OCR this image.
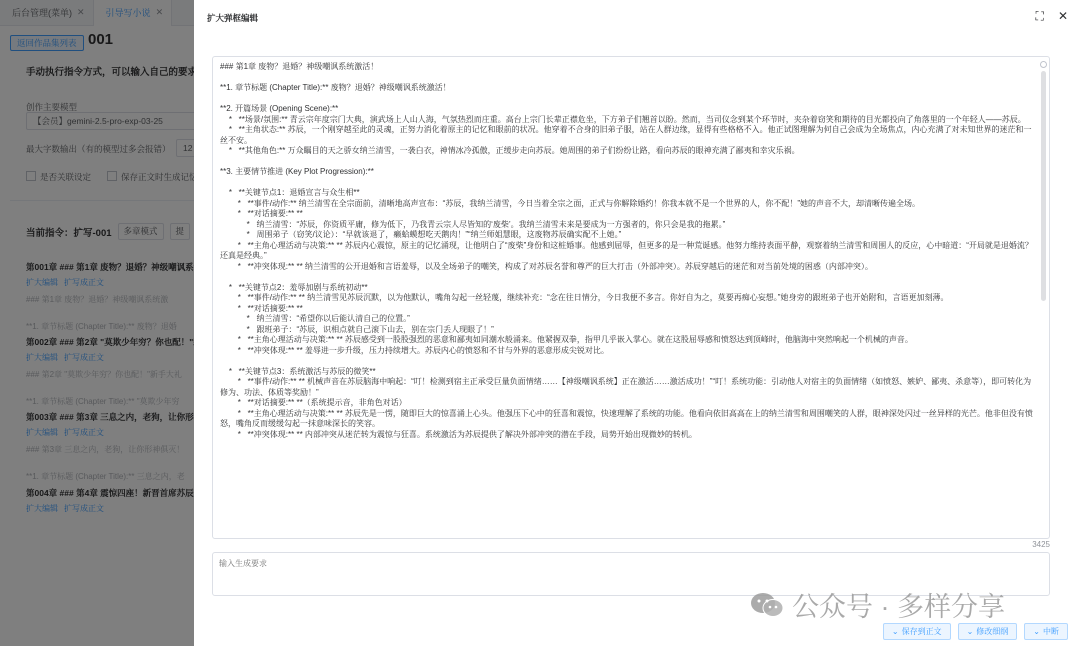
扩大弹框编辑	⛶ ✕
### 第1章 废物？退婚？神级嘲讽系统激活！
**1. 章节标题 (Chapter Title):** 废物？退婚？神级嘲讽系统激活！
**2. 开篇场景 (Opening Scene):**
*   **场景/氛围:** 青云宗年度宗门大典，演武场上人山人海，气氛热烈而庄重。高台上宗门长辈正襟危坐，下方弟子们翘首以盼。然而，当司仪念到某个环节时，夹杂着窃笑和期待的目光都投向了角落里的一个年轻人——苏辰。
*   **主角状态:** 苏辰，一个刚穿越至此的灵魂，正努力消化着原主的记忆和眼前的状况。他穿着不合身的旧弟子服，站在人群边缘，显得有些格格不入。他正试图理解为何自己会成为全场焦点，内心充满了对未知世界的迷茫和一丝不安。
*   **其他角色:** 万众瞩目的天之骄女纳兰清雪，一袭白衣，神情冰冷孤傲，正缓步走向苏辰。她周围的弟子们纷纷让路，看向苏辰的眼神充满了鄙夷和幸灾乐祸。
**3. 主要情节推进 (Key Plot Progression):**
*   **关键节点1：退婚宣言与众生相**
*   **事件/动作:** 纳兰清雪在全宗面前，清晰地高声宣布：“苏辰，我纳兰清雪，今日当着全宗之面，正式与你解除婚约！你我本就不是一个世界的人，你不配！”她的声音不大，却清晰传遍全场。
*   **对话摘要:** **
*   纳兰清雪：“苏辰，你资质平庸，修为低下，乃我青云宗人尽皆知的‘废柴’。我纳兰清雪未来是要成为一方强者的，你只会是我的拖累。”
*   周围弟子（窃笑/议论）：“早就该退了，癞蛤蟆想吃天鹅肉！”“纳兰师姐慧眼，这废物苏辰确实配不上她。”
*   **主角心理活动与决策:** ** 苏辰内心震惊，原主的记忆涌现，让他明白了“废柴”身份和这桩婚事。他感到屈辱，但更多的是一种荒诞感。他努力维持表面平静，观察着纳兰清雪和周围人的反应，心中暗道：“开局就是退婚流？还真是经典。”
*   **冲突体现:** ** 纳兰清雪的公开退婚和言语羞辱，以及全场弟子的嘲笑，构成了对苏辰名誉和尊严的巨大打击（外部冲突）。苏辰穿越后的迷茫和对当前处境的困惑（内部冲突）。
*   **关键节点2：羞辱加剧与系统初动**
*   **事件/动作:** ** 纳兰清雪见苏辰沉默，以为他默认，嘴角勾起一丝轻蔑，继续补充：“念在往日情分，今日我便不多言。你好自为之，莫要再痴心妄想。”她身旁的跟班弟子也开始附和，言语更加刻薄。
*   **对话摘要:** **
*   纳兰清雪：“希望你以后能认清自己的位置。”
*   跟班弟子：“苏辰，识相点就自己滚下山去，别在宗门丢人现眼了！”
*   **主角心理活动与决策:** ** 苏辰感受到一股股强烈的恶意和鄙夷如同潮水般涌来。他紧握双拳，指甲几乎嵌入掌心。就在这股屈辱感和愤怒达到顶峰时，他脑海中突然响起一个机械的声音。
*   **冲突体现:** ** 羞辱进一步升级，压力持续增大。苏辰内心的愤怒和不甘与外界的恶意形成尖锐对比。
*   **关键节点3：系统激活与苏辰的微笑**
*   **事件/动作:** ** 机械声音在苏辰脑海中响起：“叮！检测到宿主正承受巨量负面情绪……【神级嘲讽系统】正在激活……激活成功！”“叮！系统功能：引动他人对宿主的负面情绪（如愤怒、嫉妒、鄙夷、杀意等），即可转化为修为、功法、体质等奖励！”
*   **对话摘要:** **（系统提示音，非角色对话）
*   **主角心理活动与决策:** ** 苏辰先是一愣，随即巨大的惊喜涌上心头。他强压下心中的狂喜和震惊，快速理解了系统的功能。他看向依旧高高在上的纳兰清雪和周围嘲笑的人群，眼神深处闪过一丝异样的光芒。他非但没有愤怒，嘴角反而缓缓勾起一抹意味深长的笑容。
*   **冲突体现:** ** 内部冲突从迷茫转为震惊与狂喜。系统激活为苏辰提供了解决外部冲突的潜在手段，局势开始出现微妙的转机。
3425
输入生成要求
⌄ 保存到正文	⌄ 修改细纲	⌄ 中断
公众号 · 多样分享
